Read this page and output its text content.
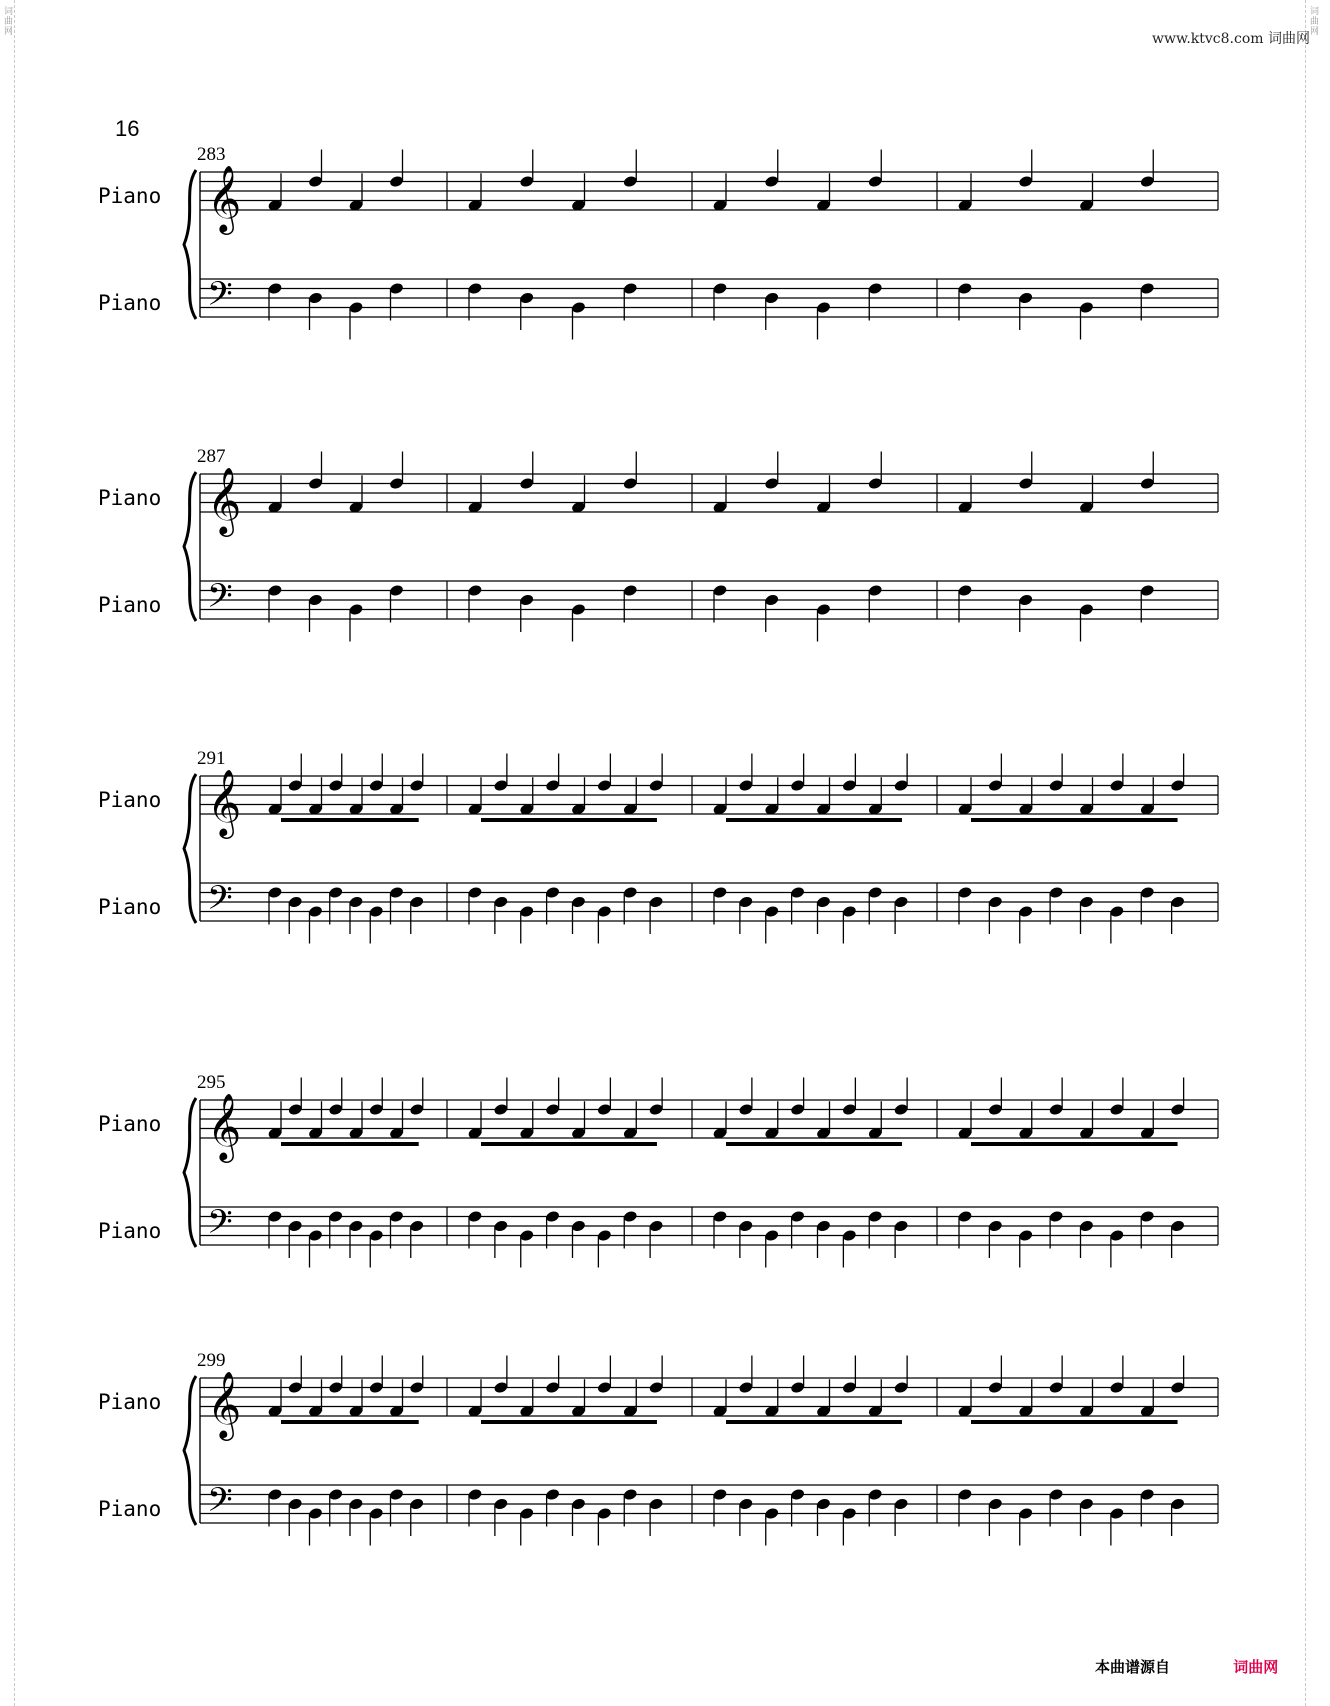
词曲网	词曲网
www.ktvc8.com 词曲网
16
283
Piano
Piano
𝄞
𝄢
287
Piano
Piano
𝄞
𝄢
291
Piano
Piano
𝄞
𝄢
295
Piano
Piano
𝄞
𝄢
299
Piano
Piano
𝄞
𝄢
本曲谱源自	词曲网
